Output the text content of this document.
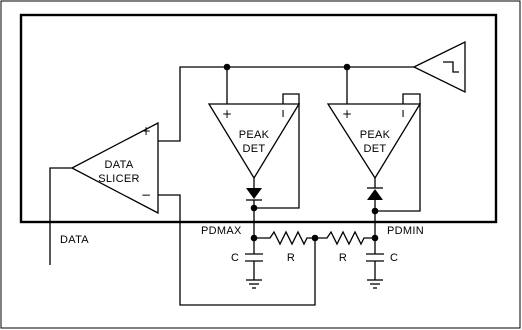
DATA
SLICER
+
−
DATA
PEAK
DET
+	ı
PEAK
DET
+	ı
PDMAX	PDMIN
R	R
C	C
